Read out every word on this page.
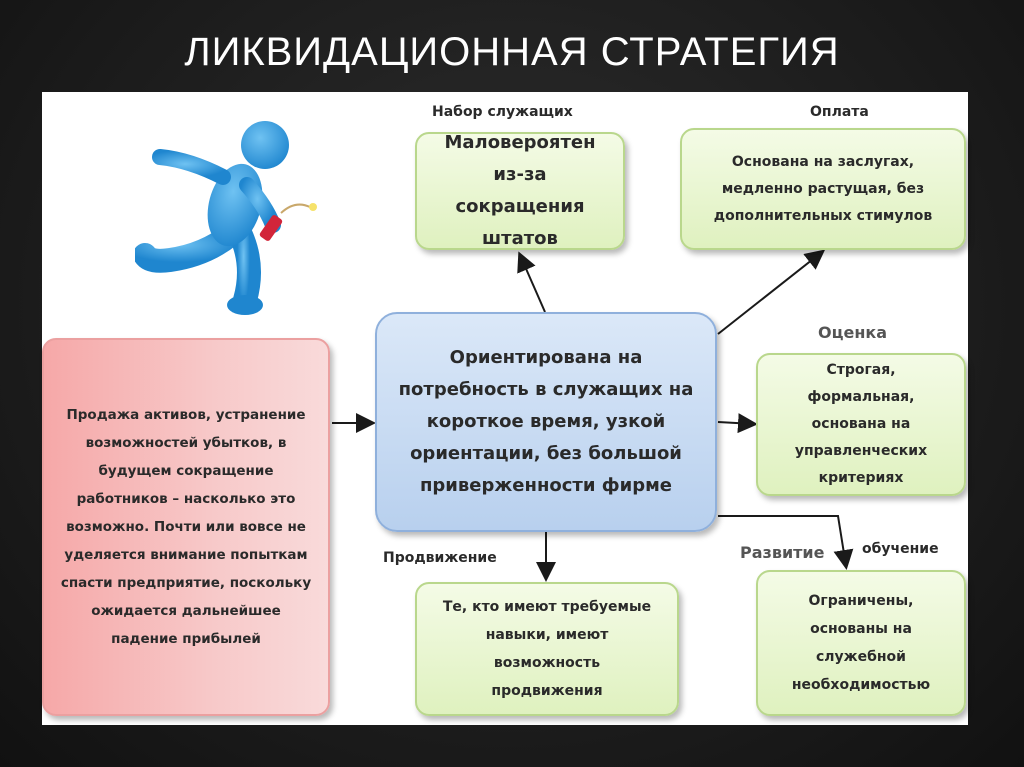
ЛИКВИДАЦИОННАЯ СТРАТЕГИЯ
Набор служащих	Оплата
Оценка
Продвижение	Развитие	обучение
Маловероятен из-за сокращения штатов
Основана на заслугах, медленно растущая, без дополнительных стимулов
Ориентирована на потребность в служащих на короткое время, узкой ориентации, без большой приверженности фирме
Продажа активов, устранение возможностей убытков, в будущем сокращение работников – насколько это возможно. Почти или вовсе не уделяется внимание попыткам спасти предприятие, поскольку ожидается дальнейшее падение прибылей
Строгая, формальная, основана на управленческих критериях
Те, кто имеют требуемые навыки, имеют возможность продвижения
Ограничены, основаны на служебной необходимостью
